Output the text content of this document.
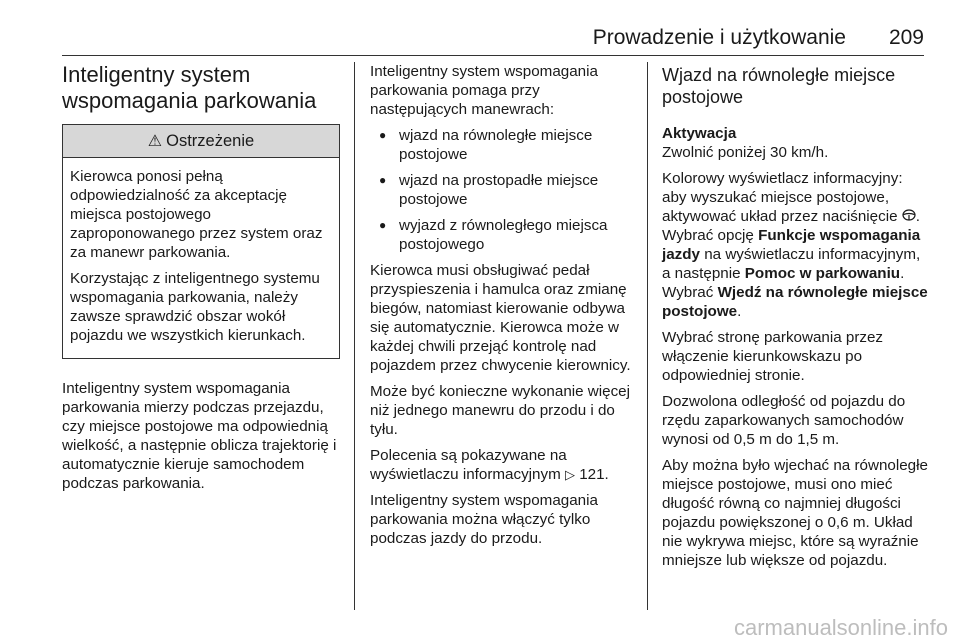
Prowadzenie i użytkowanie 209
Inteligentny system
wspomagania parkowania
⚠ Ostrzeżenie

Kierowca ponosi pełną odpowiedzialność za akceptację miejsca postojowego zaproponowanego przez system oraz za manewr parkowania.

Korzystając z inteligentnego systemu wspomagania parkowania, należy zawsze sprawdzić obszar wokół pojazdu we wszystkich kierunkach.

Inteligentny system wspomagania parkowania mierzy podczas przejazdu, czy miejsce postojowe ma odpowiednią wielkość, a następnie oblicza trajektorię i automatycznie kieruje samochodem podczas parkowania.

Inteligentny system wspomagania parkowania pomaga przy następujących manewrach:

● wjazd na równoległe miejsce postojowe
● wjazd na prostopadłe miejsce postojowe
● wyjazd z równoległego miejsca postojowego

Kierowca musi obsługiwać pedał przyspieszenia i hamulca oraz zmianę biegów, natomiast kierowanie odbywa się automatycznie. Kierowca może w każdej chwili przejąć kontrolę nad pojazdem przez chwycenie kierownicy.

Może być konieczne wykonanie więcej niż jednego manewru do przodu i do tyłu.

Polecenia są pokazywane na wyświetlaczu informacyjnym ▷ 121.

Inteligentny system wspomagania parkowania można włączyć tylko podczas jazdy do przodu.

Wjazd na równoległe miejsce postojowe

Aktywacja

Zwolnić poniżej 30 km/h.

Kolorowy wyświetlacz informacyjny: aby wyszukać miejsce postojowe, aktywować układ przez naciśnięcie . Wybrać opcję Funkcje wspomagania jazdy na wyświetlaczu informacyjnym, a następnie Pomoc w parkowaniu. Wybrać Wjedź na równoległe miejsce postojowe.

Wybrać stronę parkowania przez włączenie kierunkowskazu po odpowiedniej stronie.

Dozwolona odległość od pojazdu do rzędu zaparkowanych samochodów wynosi od 0,5 m do 1,5 m.

Aby można było wjechać na równoległe miejsce postojowe, musi ono mieć długość równą co najmniej długości pojazdu powiększonej o 0,6 m. Układ nie wykrywa miejsc, które są wyraźnie mniejsze lub większe od pojazdu.

carmanualsonline.info
